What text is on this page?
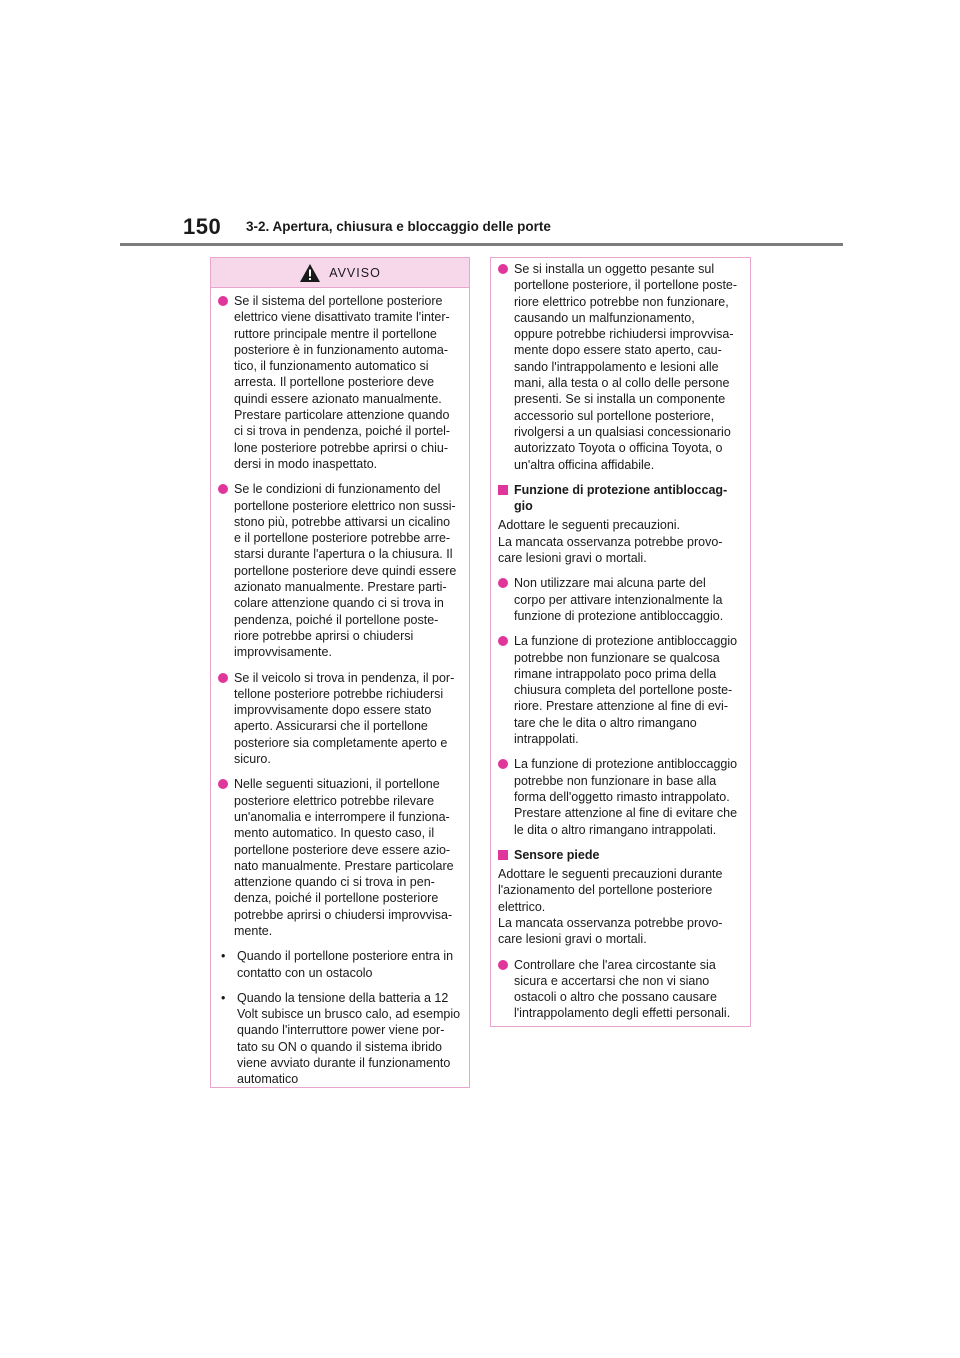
150 3-2. Apertura, chiusura e bloccaggio delle porte
AVVISO
Se il sistema del portellone posteriore
elettrico viene disattivato tramite l'inter-
ruttore principale mentre il portellone
posteriore è in funzionamento automa-
tico, il funzionamento automatico si
arresta. Il portellone posteriore deve
quindi essere azionato manualmente.
Prestare particolare attenzione quando
ci si trova in pendenza, poiché il portel-
lone posteriore potrebbe aprirsi o chiu-
dersi in modo inaspettato.
Se le condizioni di funzionamento del
portellone posteriore elettrico non sussi-
stono più, potrebbe attivarsi un cicalino
e il portellone posteriore potrebbe arre-
starsi durante l'apertura o la chiusura. Il
portellone posteriore deve quindi essere
azionato manualmente. Prestare parti-
colare attenzione quando ci si trova in
pendenza, poiché il portellone poste-
riore potrebbe aprirsi o chiudersi
improvvisamente.
Se il veicolo si trova in pendenza, il por-
tellone posteriore potrebbe richiudersi
improvvisamente dopo essere stato
aperto. Assicurarsi che il portellone
posteriore sia completamente aperto e
sicuro.
Nelle seguenti situazioni, il portellone
posteriore elettrico potrebbe rilevare
un'anomalia e interrompere il funziona-
mento automatico. In questo caso, il
portellone posteriore deve essere azio-
nato manualmente. Prestare particolare
attenzione quando ci si trova in pen-
denza, poiché il portellone posteriore
potrebbe aprirsi o chiudersi improvvisa-
mente.
• Quando il portellone posteriore entra in
contatto con un ostacolo
• Quando la tensione della batteria a 12
Volt subisce un brusco calo, ad esempio
quando l'interruttore power viene por-
tato su ON o quando il sistema ibrido
viene avviato durante il funzionamento
automatico
Se si installa un oggetto pesante sul
portellone posteriore, il portellone poste-
riore elettrico potrebbe non funzionare,
causando un malfunzionamento,
oppure potrebbe richiudersi improvvisa-
mente dopo essere stato aperto, cau-
sando l'intrappolamento e lesioni alle
mani, alla testa o al collo delle persone
presenti. Se si installa un componente
accessorio sul portellone posteriore,
rivolgersi a un qualsiasi concessionario
autorizzato Toyota o officina Toyota, o
un'altra officina affidabile.
Funzione di protezione antibloccag-
gio
Adottare le seguenti precauzioni.
La mancata osservanza potrebbe provo-
care lesioni gravi o mortali.
Non utilizzare mai alcuna parte del
corpo per attivare intenzionalmente la
funzione di protezione antibloccaggio.
La funzione di protezione antibloccaggio
potrebbe non funzionare se qualcosa
rimane intrappolato poco prima della
chiusura completa del portellone poste-
riore. Prestare attenzione al fine di evi-
tare che le dita o altro rimangano
intrappolati.
La funzione di protezione antibloccaggio
potrebbe non funzionare in base alla
forma dell'oggetto rimasto intrappolato.
Prestare attenzione al fine di evitare che
le dita o altro rimangano intrappolati.
Sensore piede
Adottare le seguenti precauzioni durante
l'azionamento del portellone posteriore
elettrico.
La mancata osservanza potrebbe provo-
care lesioni gravi o mortali.
Controllare che l'area circostante sia
sicura e accertarsi che non vi siano
ostacoli o altro che possano causare
l'intrappolamento degli effetti personali.
